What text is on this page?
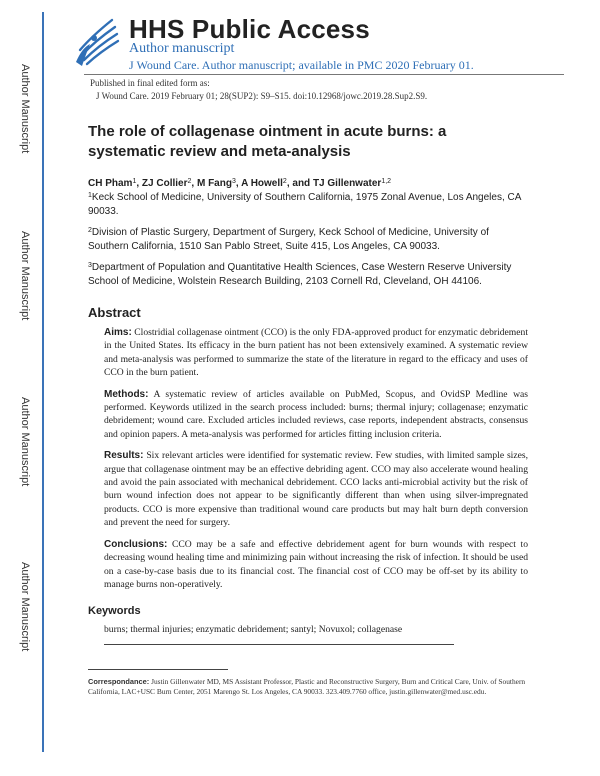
Author Manuscript
Author Manuscript
Author Manuscript
Author Manuscript
HHS Public Access
Author manuscript
J Wound Care. Author manuscript; available in PMC 2020 February 01.
Published in final edited form as:
J Wound Care. 2019 February 01; 28(SUP2): S9–S15. doi:10.12968/jowc.2019.28.Sup2.S9.
The role of collagenase ointment in acute burns: a systematic review and meta-analysis
CH Pham$^1$, ZJ Collier$^2$, M Fang$^3$, A Howell$^2$, and TJ Gillenwater$^{1,2}$
$^1$Keck School of Medicine, University of Southern California, 1975 Zonal Avenue, Los Angeles, CA 90033.
$^2$Division of Plastic Surgery, Department of Surgery, Keck School of Medicine, University of Southern California, 1510 San Pablo Street, Suite 415, Los Angeles, CA 90033.
$^3$Department of Population and Quantitative Health Sciences, Case Western Reserve University School of Medicine, Wolstein Research Building, 2103 Cornell Rd, Cleveland, OH 44106.
Abstract

Aims: Clostridial collagenase ointment (CCO) is the only FDA-approved product for enzymatic debridement in the United States. Its efficacy in the burn patient has not been extensively examined. A systematic review and meta-analysis was performed to summarize the state of the literature in regard to the efficacy and uses of CCO in the burn patient.

Methods: A systematic review of articles available on PubMed, Scopus, and OvidSP Medline was performed. Keywords utilized in the search process included: burns; thermal injury; collagenase; enzymatic debridement; wound care. Excluded articles included reviews, case reports, independent abstracts, consensus and opinion papers. A meta-analysis was performed for articles fitting inclusion criteria.

Results: Six relevant articles were identified for systematic review. Few studies, with limited sample sizes, argue that collagenase ointment may be an effective debriding agent. CCO may also accelerate wound healing and avoid the pain associated with mechanical debridement. CCO lacks anti-microbial activity but the risk of burn wound infection does not appear to be significantly different than when using silver-impregnated products. CCO is more expensive than traditional wound care products but may halt burn depth conversion and prevent the need for surgery.

Conclusions: CCO may be a safe and effective debridement agent for burn wounds with respect to decreasing wound healing time and minimizing pain without increasing the risk of infection. It should be used on a case-by-case basis due to its financial cost. The financial cost of CCO may be off-set by its ability to manage burns non-operatively.

Keywords
burns; thermal injuries; enzymatic debridement; santyl; Novuxol; collagenase
Correspondance: Justin Gillenwater MD, MS Assistant Professor, Plastic and Reconstructive Surgery, Burn and Critical Care, Univ. of Southern California, LAC+USC Burn Center, 2051 Marengo St. Los Angeles, CA 90033. 323.409.7760 office, justin.gillenwater@med.usc.edu.
